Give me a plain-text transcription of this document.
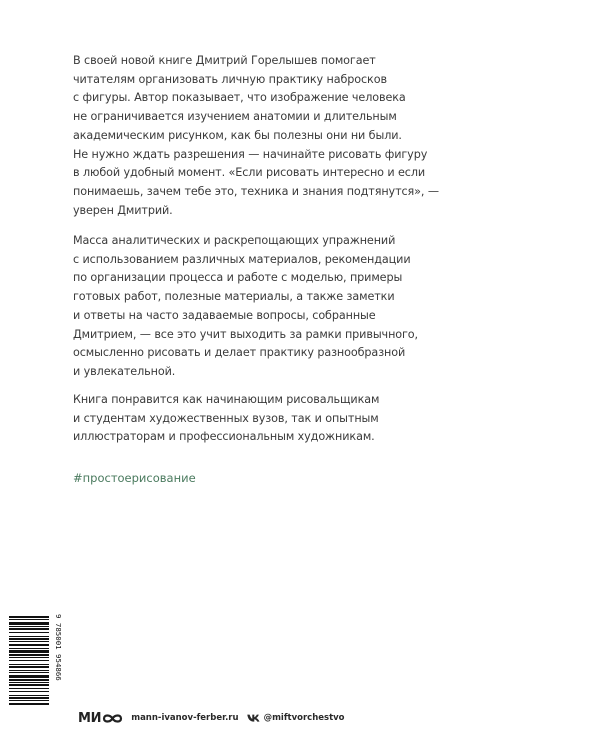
В своей новой книге Дмитрий Горелышев помогает
читателям организовать личную практику набросков
с фигуры. Автор показывает, что изображение человека
не ограничивается изучением анатомии и длительным
академическим рисунком, как бы полезны они ни были.
Не нужно ждать разрешения — начинайте рисовать фигуру
в любой удобный момент. «Если рисовать интересно и если
понимаешь, зачем тебе это, техника и знания подтянутся», —
уверен Дмитрий.
Масса аналитических и раскрепощающих упражнений
с использованием различных материалов, рекомендации
по организации процесса и работе с моделью, примеры
готовых работ, полезные материалы, а также заметки
и ответы на часто задаваемые вопросы, собранные
Дмитрием, — все это учит выходить за рамки привычного,
осмысленно рисовать и делает практику разнообразной
и увлекательной.
Книга понравится как начинающим рисовальщикам
и студентам художественных вузов, так и опытным
иллюстраторам и профессиональным художникам.
#простоерисование
9 785001 954866
МИ	mann-ivanov-ferber.ru	@miftvorchestvo
